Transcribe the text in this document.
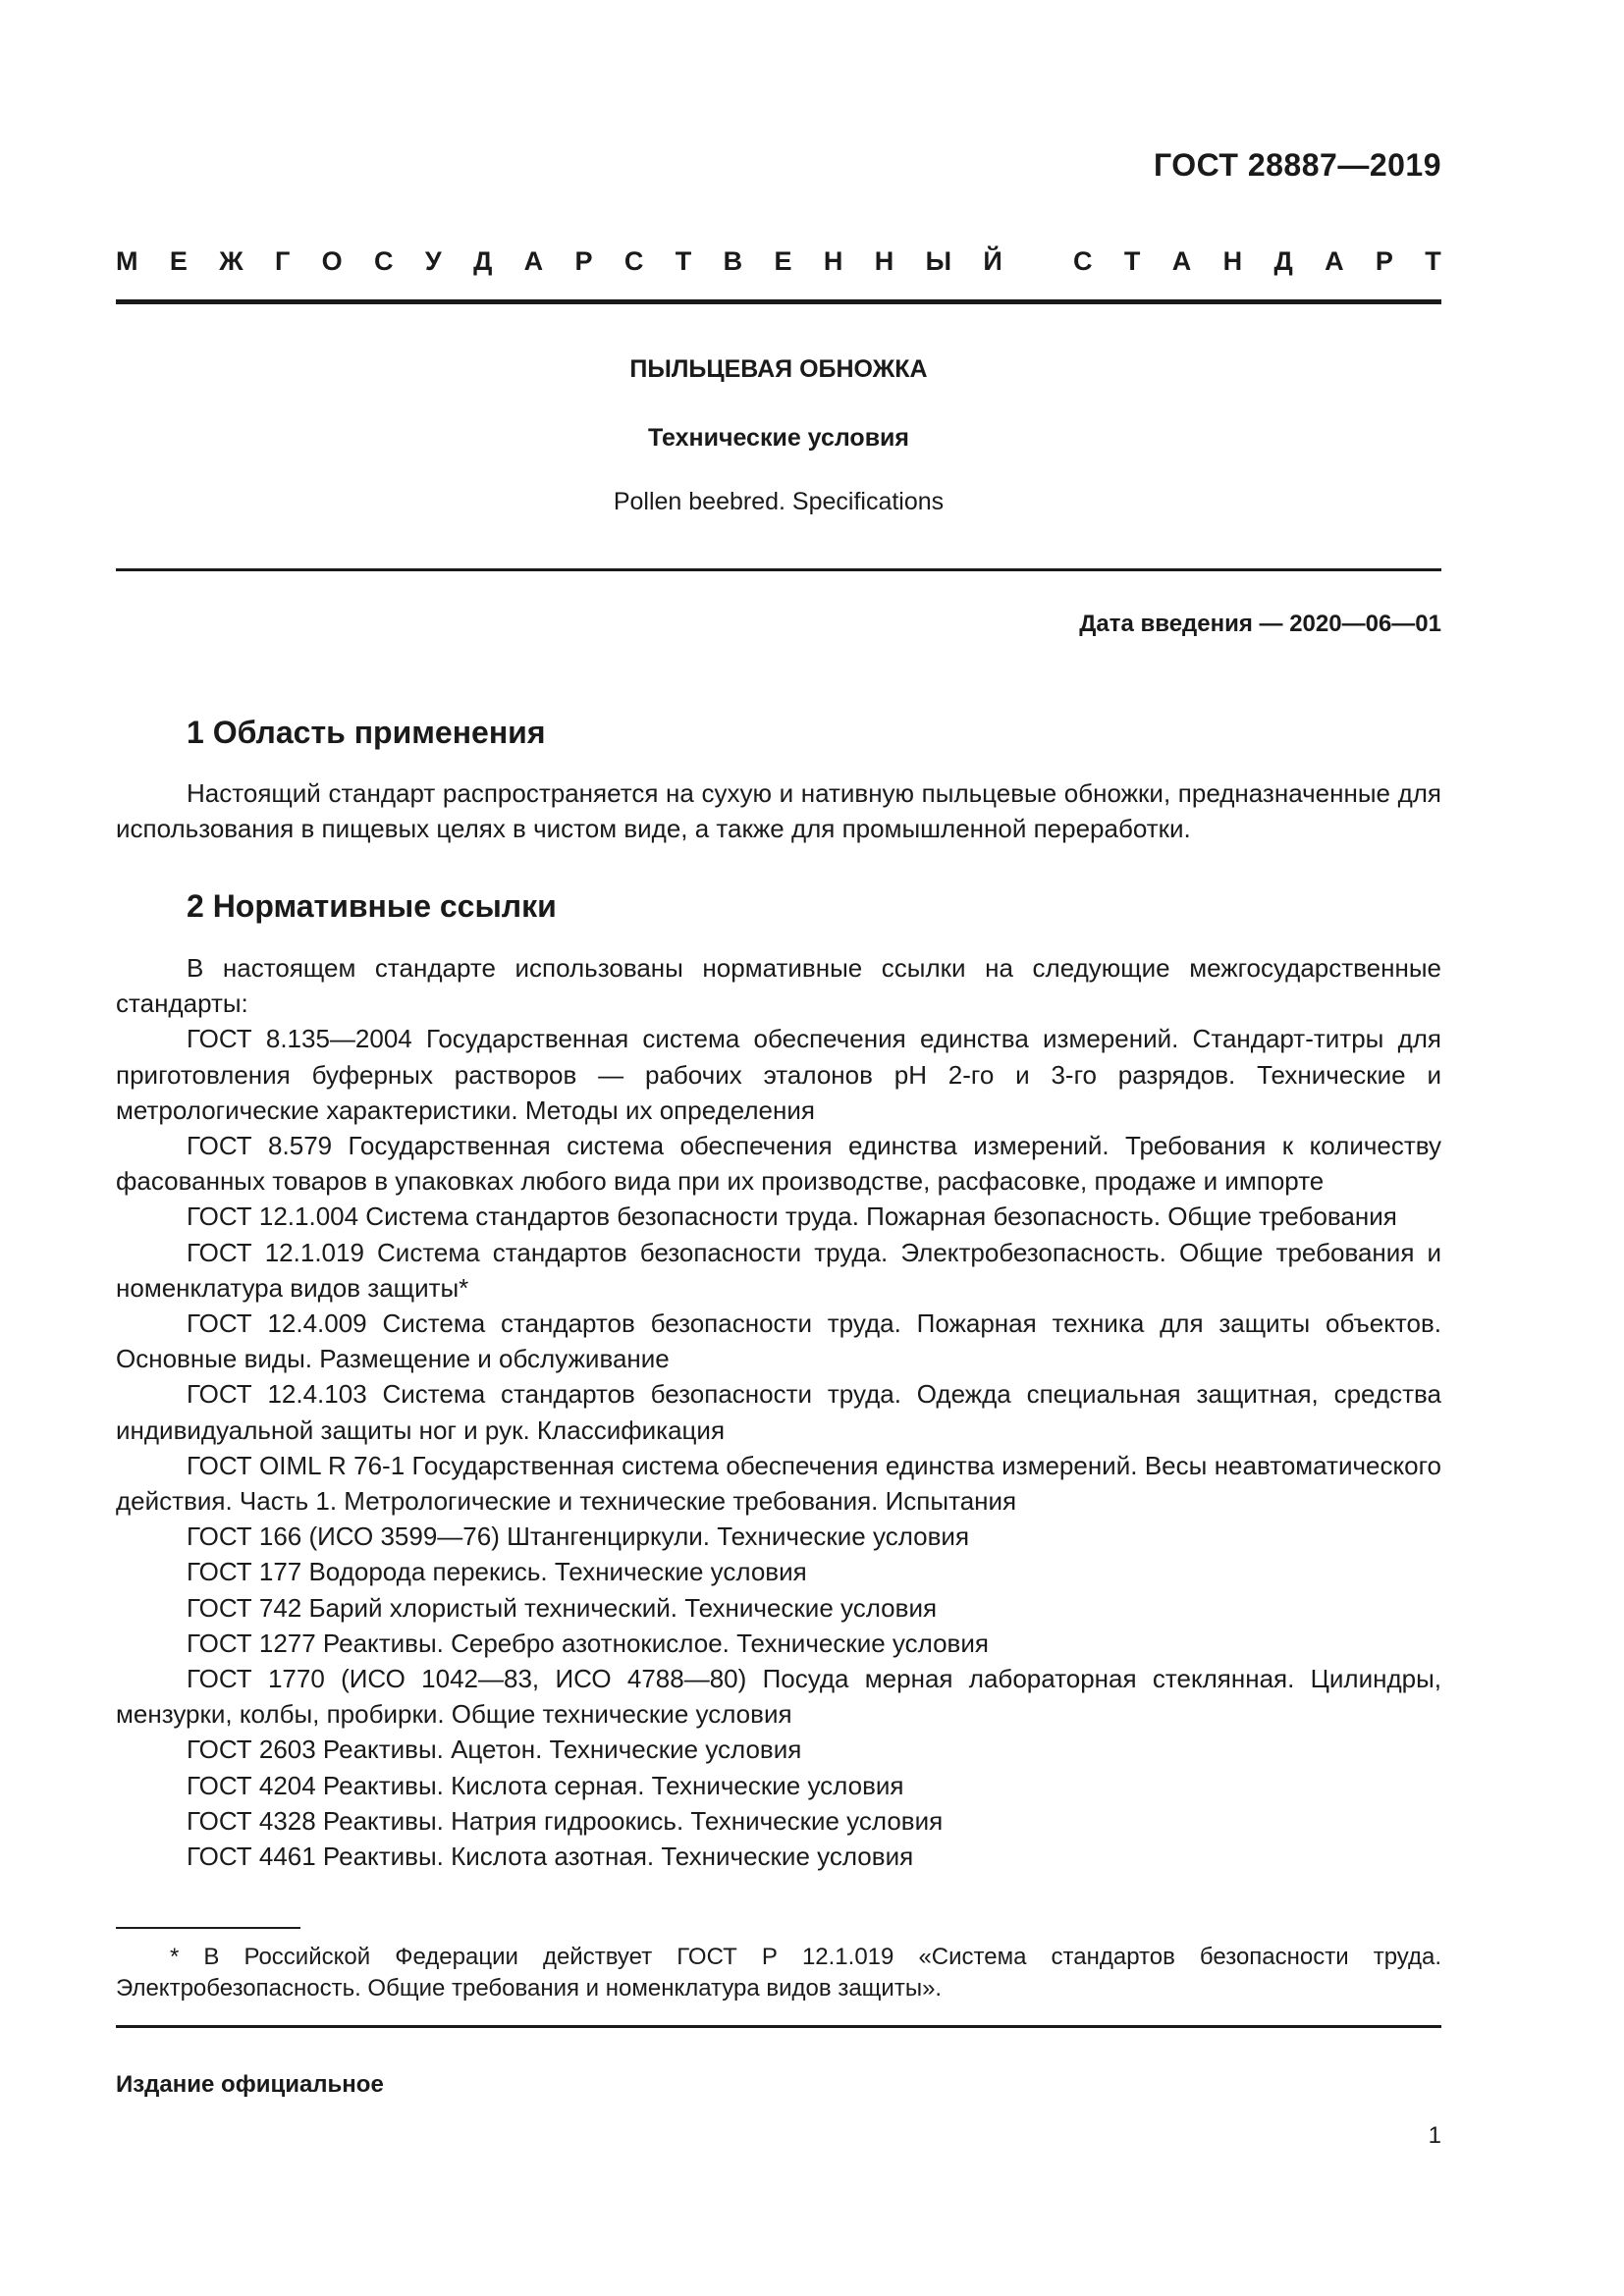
ГОСТ 28887—2019
М Е Ж Г О С У Д А Р С Т В Е Н Н Ы Й
	С Т А Н Д А Р Т
ПЫЛЬЦЕВАЯ ОБНОЖКА
Технические условия
Pollen beebred. Specifications
Дата введения — 2020—06—01
1 Область применения

Настоящий стандарт распространяется на сухую и нативную пыльцевые обножки, предназначенные для использования в пищевых целях в чистом виде, а также для промышленной переработки.

2 Нормативные ссылки

В настоящем стандарте использованы нормативные ссылки на следующие межгосударственные стандарты:

ГОСТ 8.135—2004 Государственная система обеспечения единства измерений. Стандарт-титры для приготовления буферных растворов — рабочих эталонов pH 2-го и 3-го разрядов. Технические и метрологические характеристики. Методы их определения

ГОСТ 8.579 Государственная система обеспечения единства измерений. Требования к количеству фасованных товаров в упаковках любого вида при их производстве, расфасовке, продаже и импорте

ГОСТ 12.1.004 Система стандартов безопасности труда. Пожарная безопасность. Общие требования

ГОСТ 12.1.019 Система стандартов безопасности труда. Электробезопасность. Общие требования и номенклатура видов защиты*

ГОСТ 12.4.009 Система стандартов безопасности труда. Пожарная техника для защиты объектов. Основные виды. Размещение и обслуживание

ГОСТ 12.4.103 Система стандартов безопасности труда. Одежда специальная защитная, средства индивидуальной защиты ног и рук. Классификация

ГОСТ OIML R 76-1 Государственная система обеспечения единства измерений. Весы неавтоматического действия. Часть 1. Метрологические и технические требования. Испытания

ГОСТ 166 (ИСО 3599—76) Штангенциркули. Технические условия

ГОСТ 177 Водорода перекись. Технические условия

ГОСТ 742 Барий хлористый технический. Технические условия

ГОСТ 1277 Реактивы. Серебро азотнокислое. Технические условия

ГОСТ 1770 (ИСО 1042—83, ИСО 4788—80) Посуда мерная лабораторная стеклянная. Цилиндры, мензурки, колбы, пробирки. Общие технические условия

ГОСТ 2603 Реактивы. Ацетон. Технические условия

ГОСТ 4204 Реактивы. Кислота серная. Технические условия

ГОСТ 4328 Реактивы. Натрия гидроокись. Технические условия

ГОСТ 4461 Реактивы. Кислота азотная. Технические условия

* В Российской Федерации действует ГОСТ Р 12.1.019 «Система стандартов безопасности труда. Электробезопасность. Общие требования и номенклатура видов защиты».

Издание официальное
1
